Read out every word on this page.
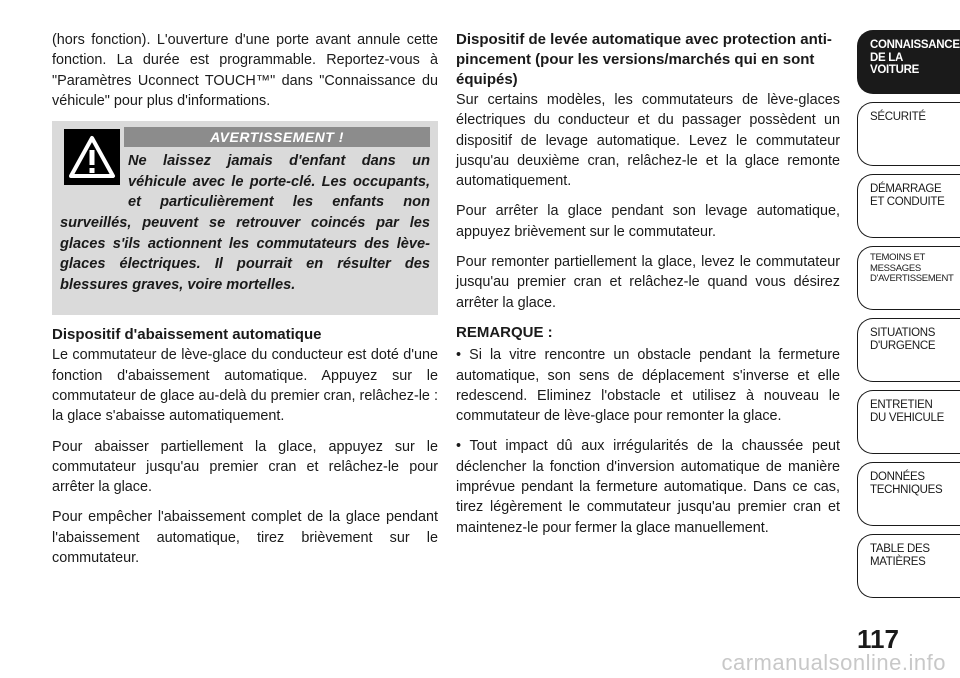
(hors fonction). L'ouverture d'une porte avant annule cette fonction. La durée est programmable. Reportez-vous à "Paramètres Uconnect TOUCH™" dans "Connaissance du véhicule" pour plus d'informations.

AVERTISSEMENT !

Ne laissez jamais d'enfant dans un véhicule avec le porte-clé. Les occupants, et particulièrement les enfants non surveillés, peuvent se retrouver coincés par les glaces s'ils actionnent les commutateurs des lève-glaces électriques. Il pourrait en résulter des blessures graves, voire mortelles.

Dispositif d'abaissement automatique

Le commutateur de lève-glace du conducteur est doté d'une fonction d'abaissement automatique. Appuyez sur le commutateur de glace au-delà du premier cran, relâchez-le : la glace s'abaisse automatiquement.

Pour abaisser partiellement la glace, appuyez sur le commutateur jusqu'au premier cran et relâchez-le pour arrêter la glace.

Pour empêcher l'abaissement complet de la glace pendant l'abaissement automatique, tirez brièvement sur le commutateur.

Dispositif de levée automatique avec protection anti-pincement (pour les versions/marchés qui en sont équipés)

Sur certains modèles, les commutateurs de lève-glaces électriques du conducteur et du passager possèdent un dispositif de levage automatique. Levez le commutateur jusqu'au deuxième cran, relâchez-le et la glace remonte automatiquement.

Pour arrêter la glace pendant son levage automatique, appuyez brièvement sur le commutateur.

Pour remonter partiellement la glace, levez le commutateur jusqu'au premier cran et relâchez-le quand vous désirez arrêter la glace.

REMARQUE :

• Si la vitre rencontre un obstacle pendant la fermeture automatique, son sens de déplacement s'inverse et elle redescend. Eliminez l'obstacle et utilisez à nouveau le commutateur de lève-glace pour remonter la glace.

• Tout impact dû aux irrégularités de la chaussée peut déclencher la fonction d'inversion automatique de manière imprévue pendant la fermeture automatique. Dans ce cas, tirez légèrement le commutateur jusqu'au premier cran et maintenez-le pour fermer la glace manuellement.

CONNAISSANCE
DE LA VOITURE
SÉCURITÉ
DÉMARRAGE
ET CONDUITE
TEMOINS ET
MESSAGES
D'AVERTISSEMENT
SITUATIONS
D'URGENCE
ENTRETIEN
DU VEHICULE
DONNÉES
TECHNIQUES
TABLE DES
MATIÈRES
117
carmanualsonline.info
